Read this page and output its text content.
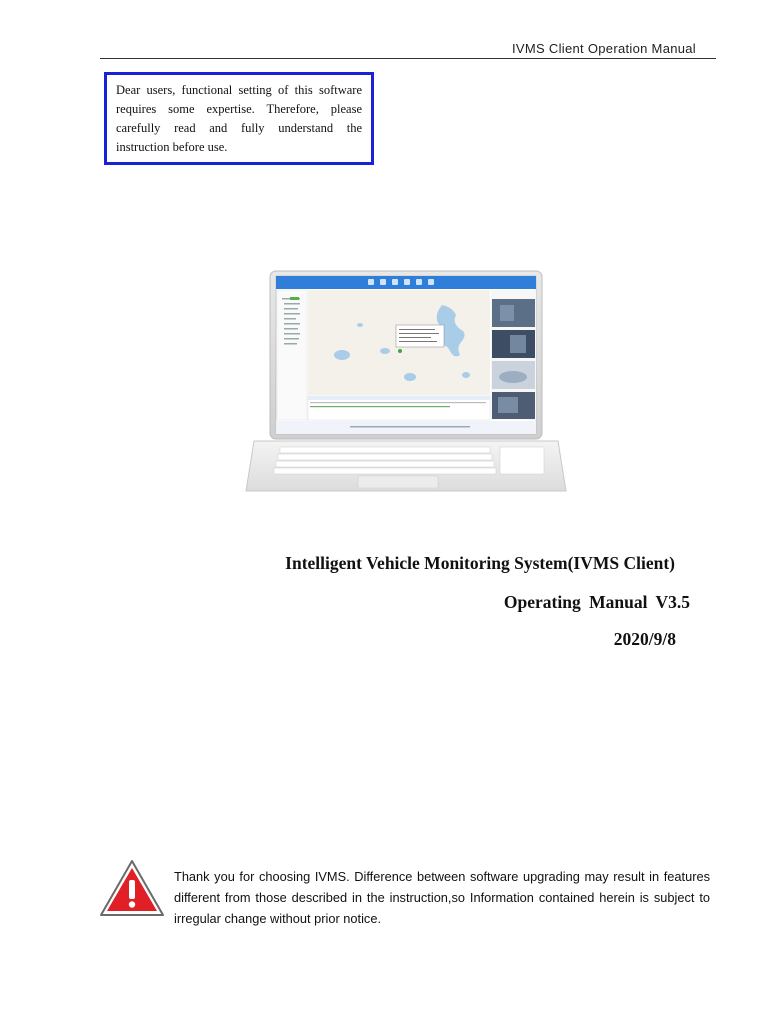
IVMS Client Operation Manual
Dear users, functional setting of this software requires some expertise. Therefore, please carefully read and fully understand the instruction before use.
Intelligent Vehicle Monitoring System(IVMS Client)
Operating Manual V3.5
2020/9/8
Thank you for choosing IVMS. Difference between software upgrading may result in features different from those described in the instruction,so Information contained herein is subject to irregular change without prior notice.
